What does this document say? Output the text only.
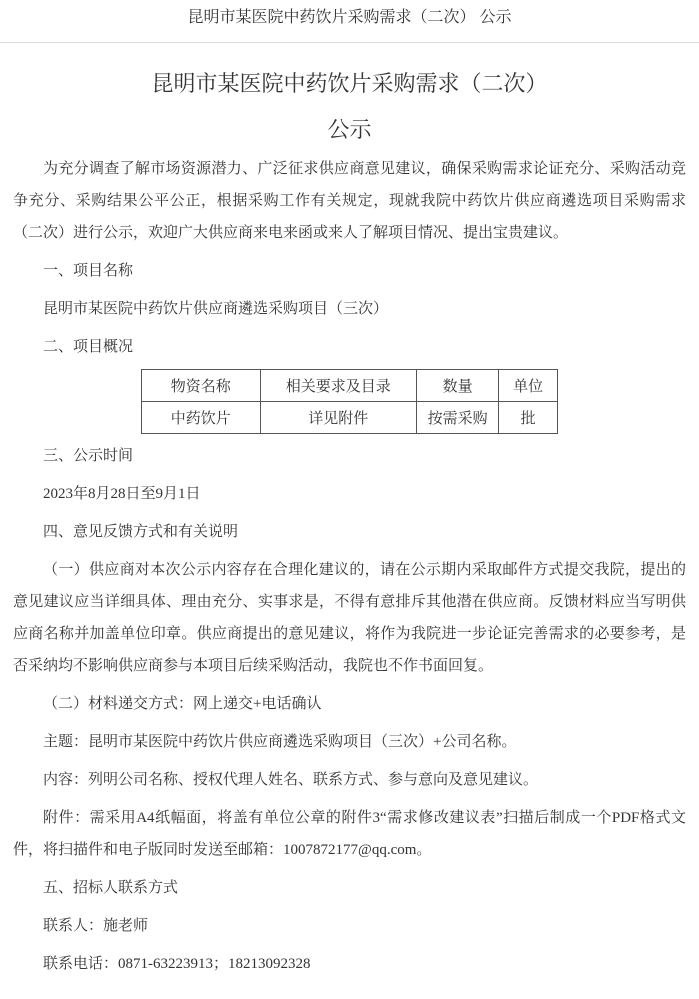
昆明市某医院中药饮片采购需求（二次） 公示
昆明市某医院中药饮片采购需求（二次）
公示

为充分调查了解市场资源潜力、广泛征求供应商意见建议，确保采购需求论证充分、采购活动竞争充分、采购结果公平公正，根据采购工作有关规定，现就我院中药饮片供应商遴选项目采购需求（二次）进行公示，欢迎广大供应商来电来函或来人了解项目情况、提出宝贵建议。

一、项目名称

昆明市某医院中药饮片供应商遴选采购项目（三次）

二、项目概况

物资名称	相关要求及目录	数量	单位
中药饮片	详见附件	按需采购	批

三、公示时间

2023年8月28日至9月1日

四、意见反馈方式和有关说明

（一）供应商对本次公示内容存在合理化建议的，请在公示期内采取邮件方式提交我院，提出的意见建议应当详细具体、理由充分、实事求是，不得有意排斥其他潜在供应商。反馈材料应当写明供应商名称并加盖单位印章。供应商提出的意见建议，将作为我院进一步论证完善需求的必要参考，是否采纳均不影响供应商参与本项目后续采购活动，我院也不作书面回复。

（二）材料递交方式：网上递交+电话确认

主题：昆明市某医院中药饮片供应商遴选采购项目（三次）+公司名称。

内容：列明公司名称、授权代理人姓名、联系方式、参与意向及意见建议。

附件：需采用A4纸幅面，将盖有单位公章的附件3“需求修改建议表”扫描后制成一个PDF格式文件，将扫描件和电子版同时发送至邮箱：1007872177@qq.com。

五、招标人联系方式

联系人：施老师

联系电话：0871-63223913；18213092328
